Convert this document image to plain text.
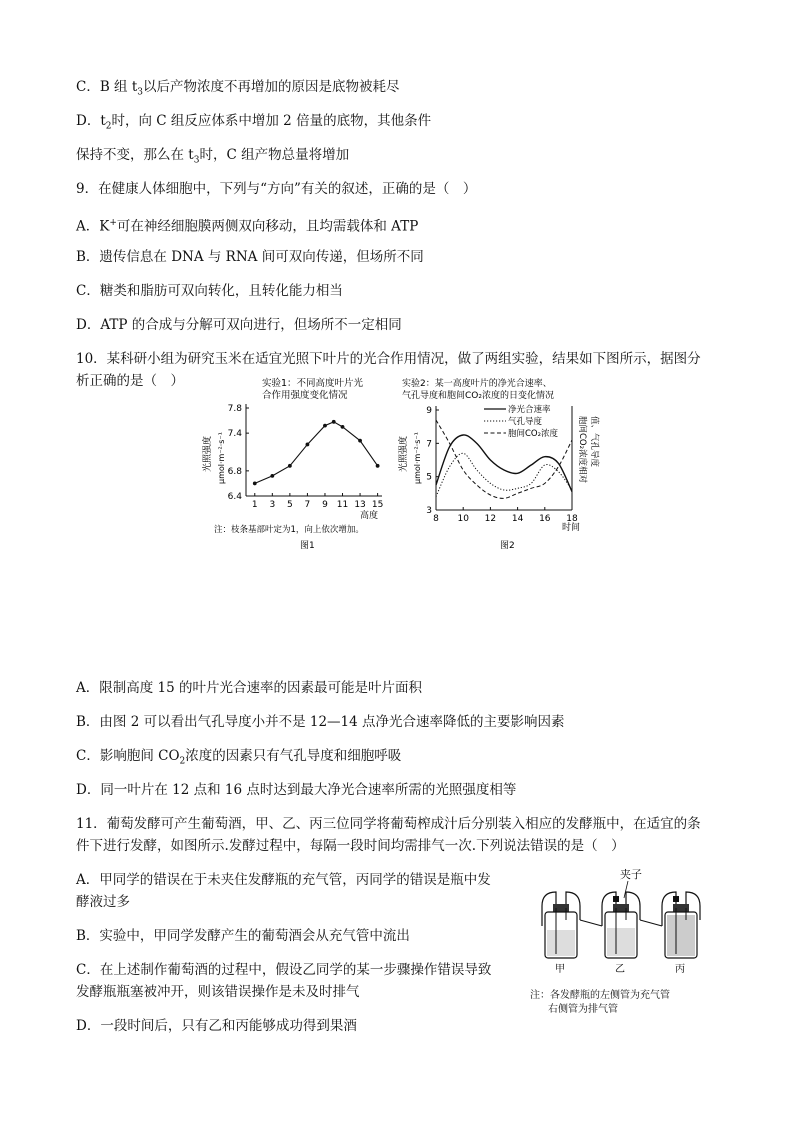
C．B 组 $t_3$以后产物浓度不再增加的原因是底物被耗尽
D．$t_2$时，向 C 组反应体系中增加 2 倍量的底物，其他条件
保持不变，那么在 $t_3$时，C 组产物总量将增加
9．在健康人体细胞中，下列与“方向”有关的叙述，正确的是（　）
A．K+可在神经细胞膜两侧双向移动，且均需载体和 ATP
B．遗传信息在 DNA 与 RNA 间可双向传递，但场所不同
C．糖类和脂肪可双向转化，且转化能力相当
D．ATP 的合成与分解可双向进行，但场所不一定相同
10．某科研小组为研究玉米在适宜光照下叶片的光合作用情况，做了两组实验，结果如下图所示，据图分
析正确的是（　）	实验1：不同高度叶片光
合作用强度变化情况
光照强度 μmol·m⁻²·s⁻¹
6.4
6.8
7.4
7.8
1 3 5 7 9 11 13 15
高度
注：枝条基部叶定为1，向上依次增加。
图1
实验2：某一高度叶片的净光合速率、
气孔导度和胞间CO₂浓度的日变化情况
光照强度 μmol·m⁻²·s⁻¹	胞间CO₂浓度相对 值、气孔导度
3
5
7
9
8 10 12 14 16 18
净光合速率
气孔导度
胞间CO₂浓度
时间
图2
A．限制高度 15 的叶片光合速率的因素最可能是叶片面积
B．由图 2 可以看出气孔导度小并不是 12—14 点净光合速率降低的主要影响因素
C．影响胞间 $CO_2$浓度的因素只有气孔导度和细胞呼吸
D．同一叶片在 12 点和 16 点时达到最大净光合速率所需的光照强度相等
11．葡萄发酵可产生葡萄酒，甲、乙、丙三位同学将葡萄榨成汁后分别装入相应的发酵瓶中，在适宜的条
件下进行发酵，如图所示.发酵过程中，每隔一段时间均需排气一次.下列说法错误的是（　）
A．甲同学的错误在于未夹住发酵瓶的充气管，丙同学的错误是瓶中发
酵液过多
B．实验中，甲同学发酵产生的葡萄酒会从充气管中流出
C．在上述制作葡萄酒的过程中，假设乙同学的某一步骤操作错误导致
发酵瓶瓶塞被冲开，则该错误操作是未及时排气
D．一段时间后，只有乙和丙能够成功得到果酒
夹子
甲	乙	丙
注：各发酵瓶的左侧管为充气管
右侧管为排气管
